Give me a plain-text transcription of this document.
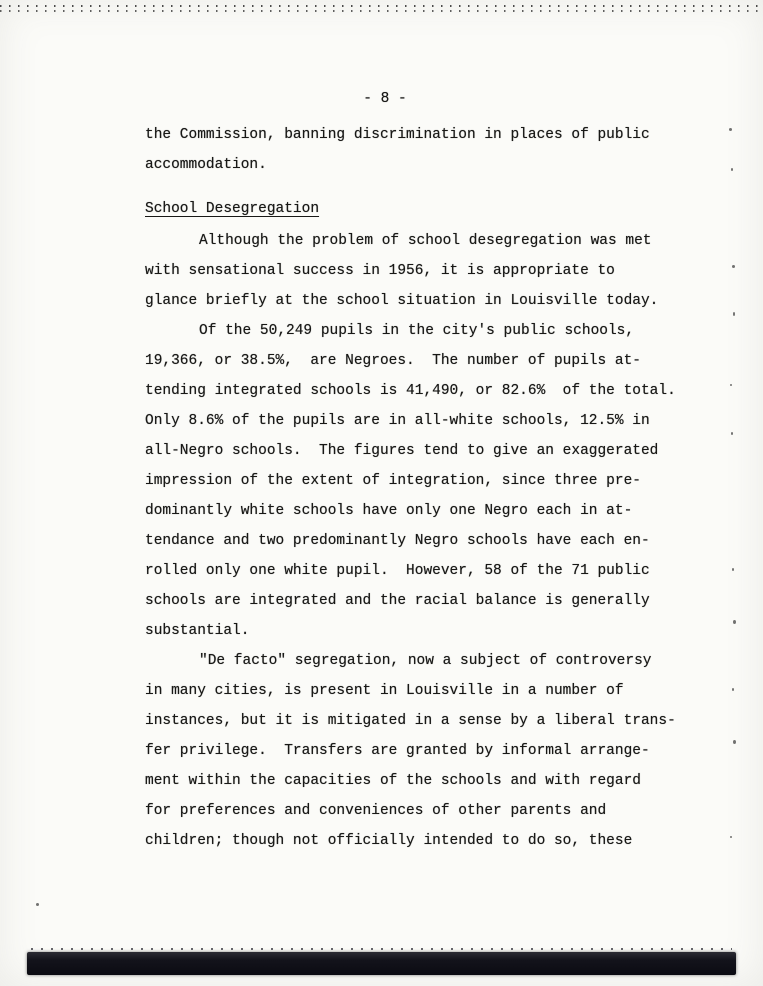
- 8 -
the Commission, banning discrimination in places of public
accommodation.
School Desegregation
Although the problem of school desegregation was met
with sensational success in 1956, it is appropriate to
glance briefly at the school situation in Louisville today.
Of the 50,249 pupils in the city's public schools,
19,366, or 38.5%,  are Negroes.  The number of pupils at-
tending integrated schools is 41,490, or 82.6%  of the total.
Only 8.6% of the pupils are in all-white schools, 12.5% in
all-Negro schools.  The figures tend to give an exaggerated
impression of the extent of integration, since three pre-
dominantly white schools have only one Negro each in at-
tendance and two predominantly Negro schools have each en-
rolled only one white pupil.  However, 58 of the 71 public
schools are integrated and the racial balance is generally
substantial.
"De facto" segregation, now a subject of controversy
in many cities, is present in Louisville in a number of
instances, but it is mitigated in a sense by a liberal trans-
fer privilege.  Transfers are granted by informal arrange-
ment within the capacities of the schools and with regard
for preferences and conveniences of other parents and
children; though not officially intended to do so, these
